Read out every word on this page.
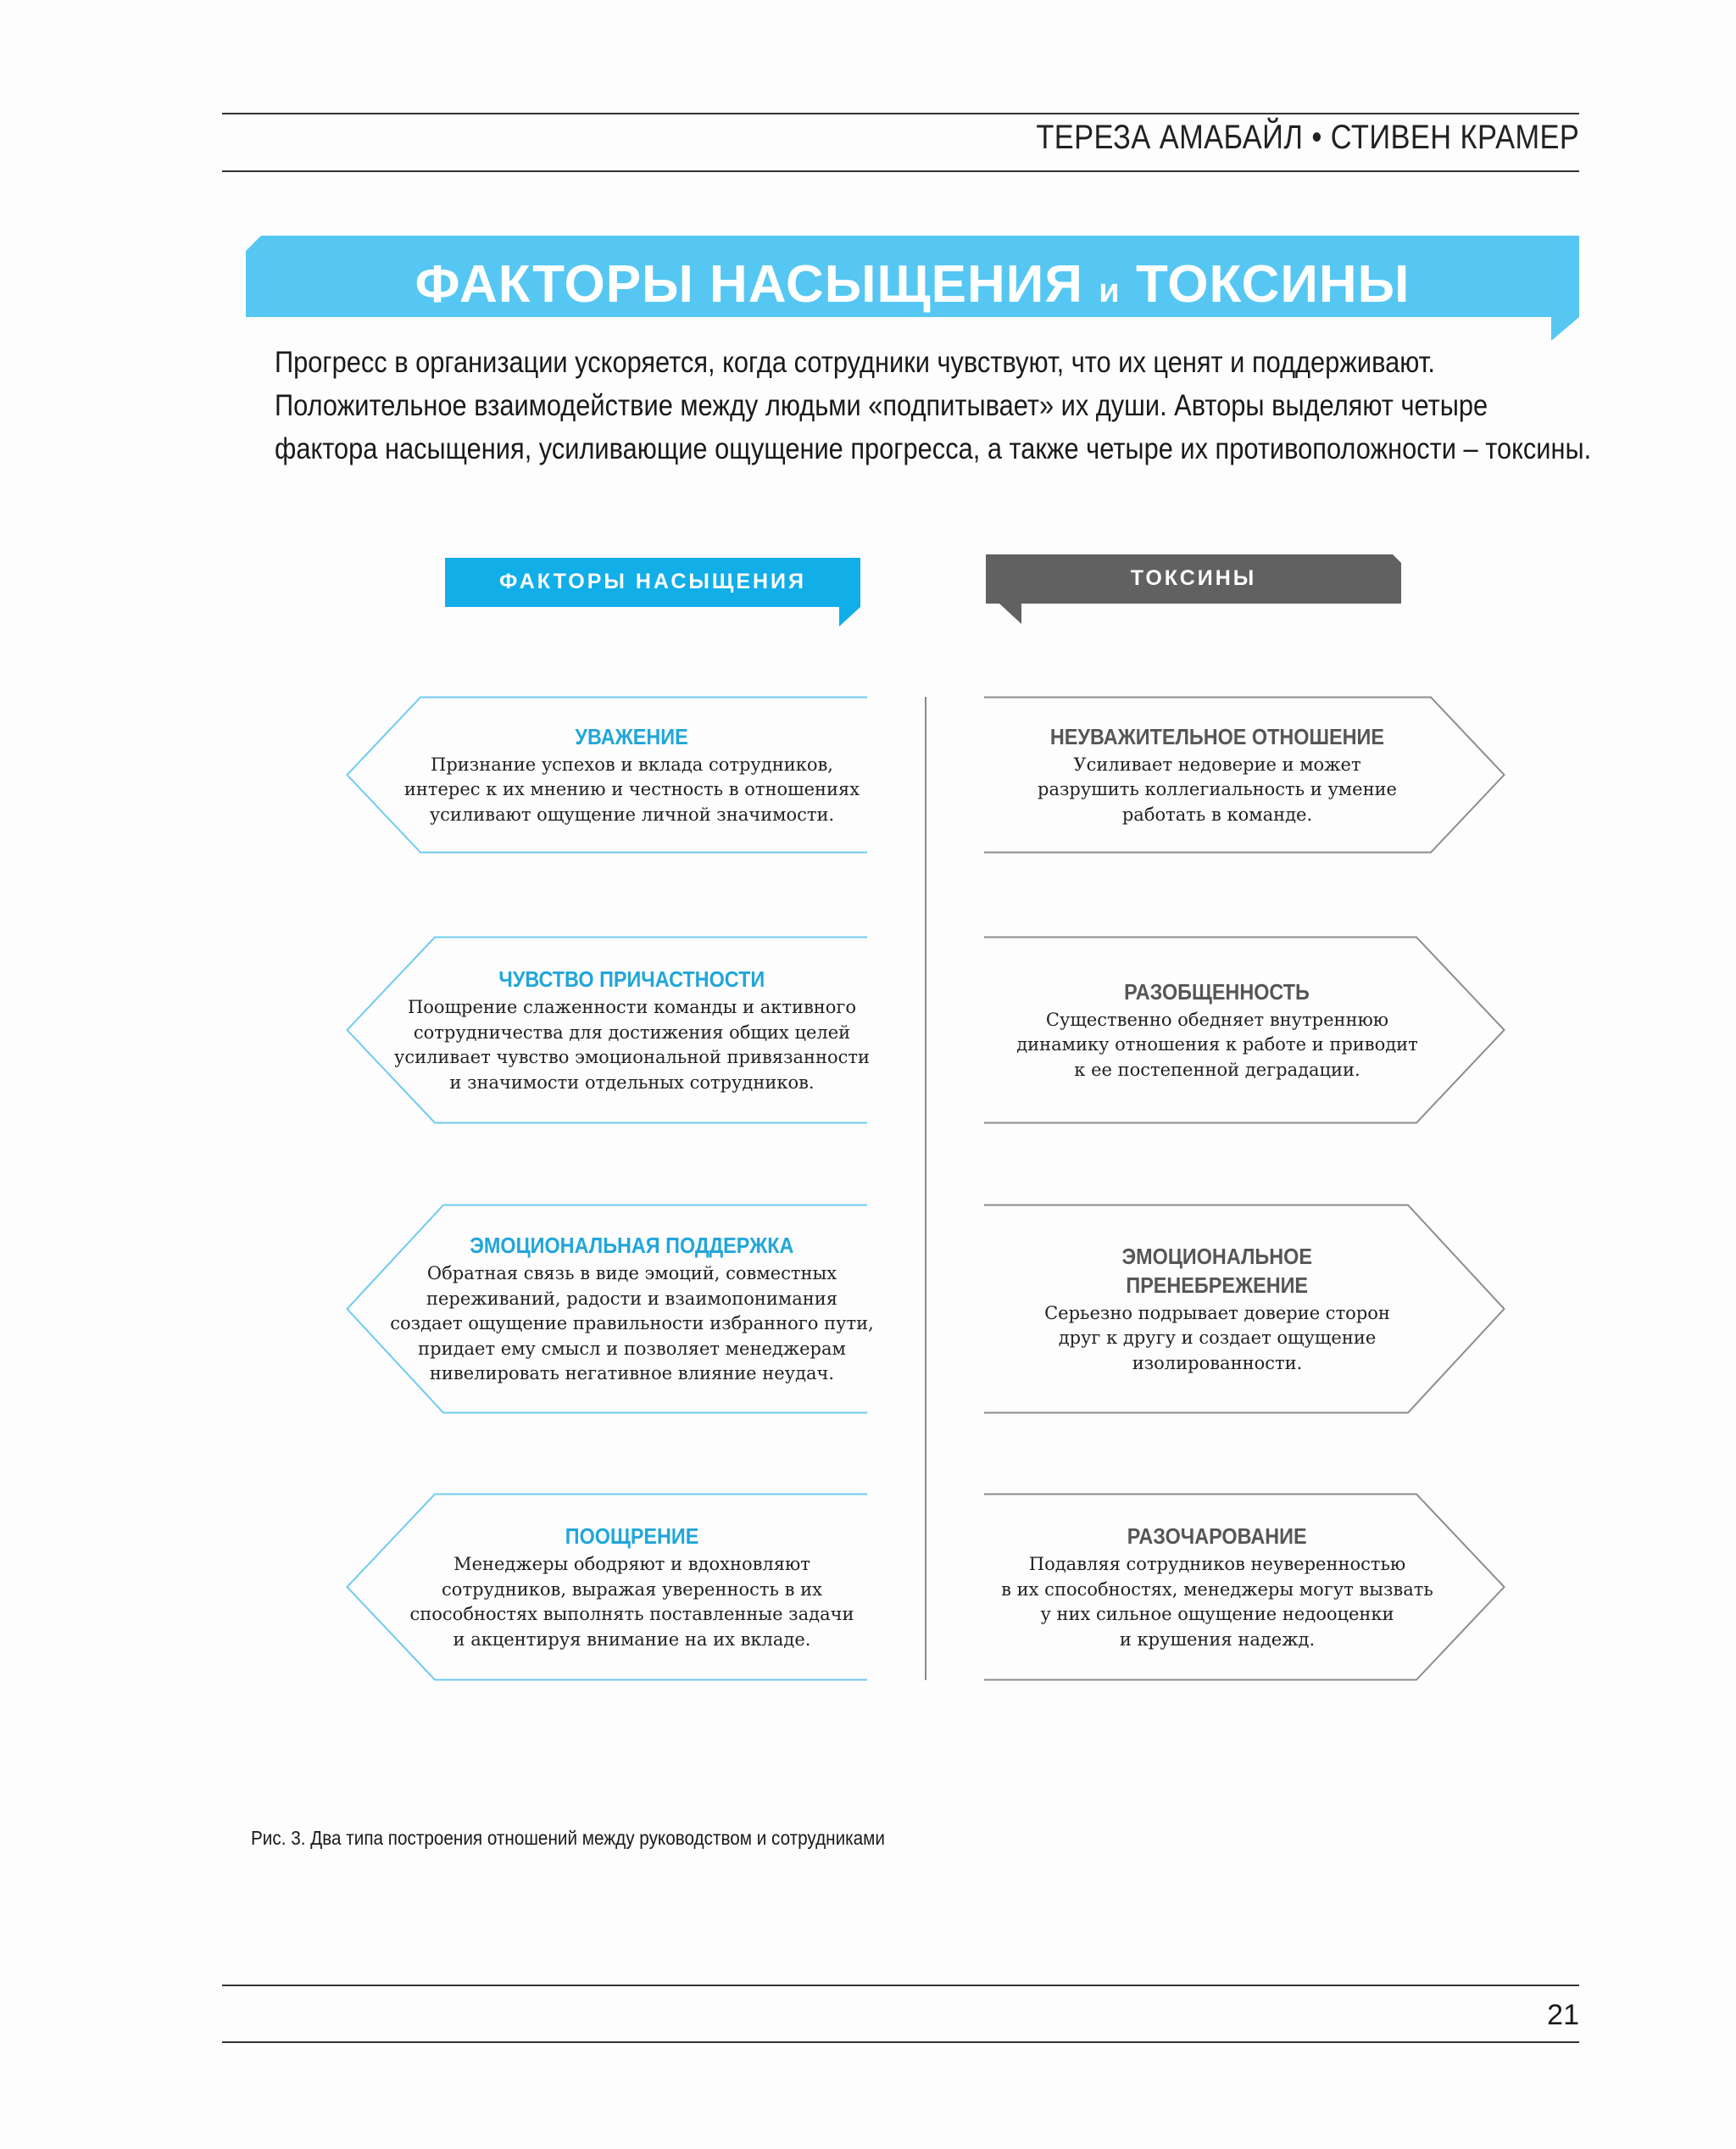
ТЕРЕЗА АМАБАЙЛ • СТИВЕН КРАМЕР
ФАКТОРЫ НАСЫЩЕНИЯ и ТОКСИНЫ
Прогресс в организации ускоряется, когда сотрудники чувствуют, что их ценят и поддерживают.
Положительное взаимодействие между людьми «подпитывает» их души. Авторы выделяют четыре
фактора насыщения, усиливающие ощущение прогресса, а также четыре их противоположности – токсины.
ФАКТОРЫ НАСЫЩЕНИЯ	ТОКСИНЫ
УВАЖЕНИЕ
Признание успехов и вклада сотрудников,
интерес к их мнению и честность в отношениях
усиливают ощущение личной значимости.
ЧУВСТВО ПРИЧАСТНОСТИ
Поощрение слаженности команды и активного
сотрудничества для достижения общих целей
усиливает чувство эмоциональной привязанности
и значимости отдельных сотрудников.
ЭМОЦИОНАЛЬНАЯ ПОДДЕРЖКА
Обратная связь в виде эмоций, совместных
переживаний, радости и взаимопонимания
создает ощущение правильности избранного пути,
придает ему смысл и позволяет менеджерам
нивелировать негативное влияние неудач.
ПООЩРЕНИЕ
Менеджеры ободряют и вдохновляют
сотрудников, выражая уверенность в их
способностях выполнять поставленные задачи
и акцентируя внимание на их вкладе.
НЕУВАЖИТЕЛЬНОЕ ОТНОШЕНИЕ
Усиливает недоверие и может
разрушить коллегиальность и умение
работать в команде.
РАЗОБЩЕННОСТЬ
Существенно обедняет внутреннюю
динамику отношения к работе и приводит
к ее постепенной деградации.
ЭМОЦИОНАЛЬНОЕ
ПРЕНЕБРЕЖЕНИЕ
Серьезно подрывает доверие сторон
друг к другу и создает ощущение
изолированности.
РАЗОЧАРОВАНИЕ
Подавляя сотрудников неуверенностью
в их способностях, менеджеры могут вызвать
у них сильное ощущение недооценки
и крушения надежд.
Рис. 3. Два типа построения отношений между руководством и сотрудниками
21
